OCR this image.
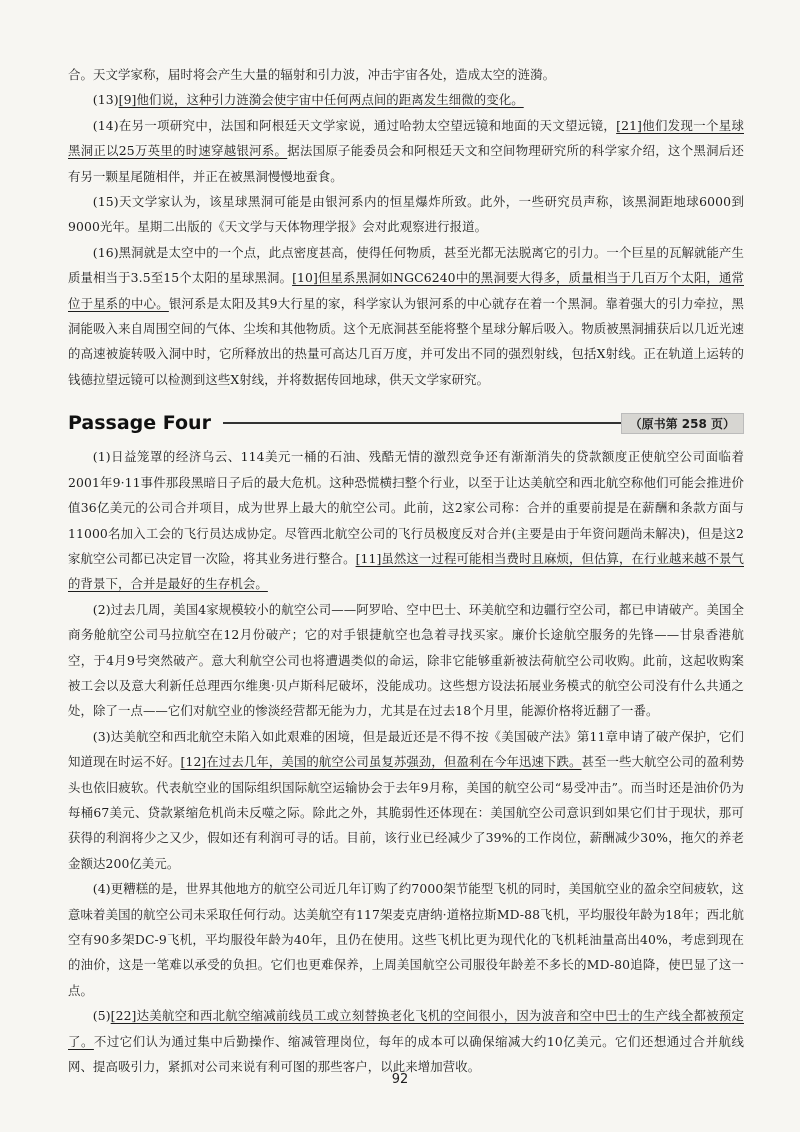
合。天文学家称，届时将会产生大量的辐射和引力波，冲击宇宙各处，造成太空的涟漪。

(13)[9]他们说，这种引力涟漪会使宇宙中任何两点间的距离发生细微的变化。

(14)在另一项研究中，法国和阿根廷天文学家说，通过哈勃太空望远镜和地面的天文望远镜，[21]他们发现一个星球黑洞正以25万英里的时速穿越银河系。据法国原子能委员会和阿根廷天文和空间物理研究所的科学家介绍，这个黑洞后还有另一颗星尾随相伴，并正在被黑洞慢慢地蚕食。

(15)天文学家认为，该星球黑洞可能是由银河系内的恒星爆炸所致。此外，一些研究员声称，该黑洞距地球6000到9000光年。星期二出版的《天文学与天体物理学报》会对此观察进行报道。

(16)黑洞就是太空中的一个点，此点密度甚高，使得任何物质，甚至光都无法脱离它的引力。一个巨星的瓦解就能产生质量相当于3.5至15个太阳的星球黑洞。[10]但星系黑洞如NGC6240中的黑洞要大得多，质量相当于几百万个太阳，通常位于星系的中心。银河系是太阳及其9大行星的家，科学家认为银河系的中心就存在着一个黑洞。靠着强大的引力牵拉，黑洞能吸入来自周围空间的气体、尘埃和其他物质。这个无底洞甚至能将整个星球分解后吸入。物质被黑洞捕获后以几近光速的高速被旋转吸入洞中时，它所释放出的热量可高达几百万度，并可发出不同的强烈射线，包括X射线。正在轨道上运转的钱德拉望远镜可以检测到这些X射线，并将数据传回地球，供天文学家研究。

Passage Four	（原书第 258 页）

(1)日益笼罩的经济乌云、114美元一桶的石油、残酷无情的激烈竞争还有渐渐消失的贷款额度正使航空公司面临着2001年9·11事件那段黑暗日子后的最大危机。这种恐慌横扫整个行业，以至于让达美航空和西北航空称他们可能会推进价值36亿美元的公司合并项目，成为世界上最大的航空公司。此前，这2家公司称：合并的重要前提是在薪酬和条款方面与11000名加入工会的飞行员达成协定。尽管西北航空公司的飞行员极度反对合并(主要是由于年资问题尚未解决)，但是这2家航空公司都已决定冒一次险，将其业务进行整合。[11]虽然这一过程可能相当费时且麻烦，但估算，在行业越来越不景气的背景下，合并是最好的生存机会。

(2)过去几周，美国4家规模较小的航空公司——阿罗哈、空中巴士、环美航空和边疆行空公司，都已申请破产。美国全商务舱航空公司马拉航空在12月份破产；它的对手银捷航空也急着寻找买家。廉价长途航空服务的先锋——甘泉香港航空，于4月9号突然破产。意大利航空公司也将遭遇类似的命运，除非它能够重新被法荷航空公司收购。此前，这起收购案被工会以及意大利新任总理西尔维奥·贝卢斯科尼破坏，没能成功。这些想方设法拓展业务模式的航空公司没有什么共通之处，除了一点——它们对航空业的惨淡经营都无能为力，尤其是在过去18个月里，能源价格将近翻了一番。

(3)达美航空和西北航空未陷入如此艰难的困境，但是最近还是不得不按《美国破产法》第11章申请了破产保护，它们知道现在时运不好。[12]在过去几年，美国的航空公司虽复苏强劲，但盈利在今年迅速下跌。甚至一些大航空公司的盈利势头也依旧疲软。代表航空业的国际组织国际航空运输协会于去年9月称，美国的航空公司“易受冲击”。而当时还是油价仍为每桶67美元、贷款紧缩危机尚未反噬之际。除此之外，其脆弱性还体现在：美国航空公司意识到如果它们甘于现状，那可获得的利润将少之又少，假如还有利润可寻的话。目前，该行业已经减少了39%的工作岗位，薪酬减少30%，拖欠的养老金额达200亿美元。

(4)更糟糕的是，世界其他地方的航空公司近几年订购了约7000架节能型飞机的同时，美国航空业的盈余空间疲软，这意味着美国的航空公司未采取任何行动。达美航空有117架麦克唐纳·道格拉斯MD-88飞机，平均服役年龄为18年；西北航空有90多架DC-9飞机，平均服役年龄为40年，且仍在使用。这些飞机比更为现代化的飞机耗油量高出40%，考虑到现在的油价，这是一笔难以承受的负担。它们也更难保养，上周美国航空公司服役年龄差不多长的MD-80追降，使巴显了这一点。

(5)[22]达美航空和西北航空缩减前线员工或立刻替换老化飞机的空间很小，因为波音和空中巴士的生产线全都被预定了。不过它们认为通过集中后勤操作、缩减管理岗位，每年的成本可以确保缩减大约10亿美元。它们还想通过合并航线网、提高吸引力，紧抓对公司来说有利可图的那些客户，以此来增加营收。

92
